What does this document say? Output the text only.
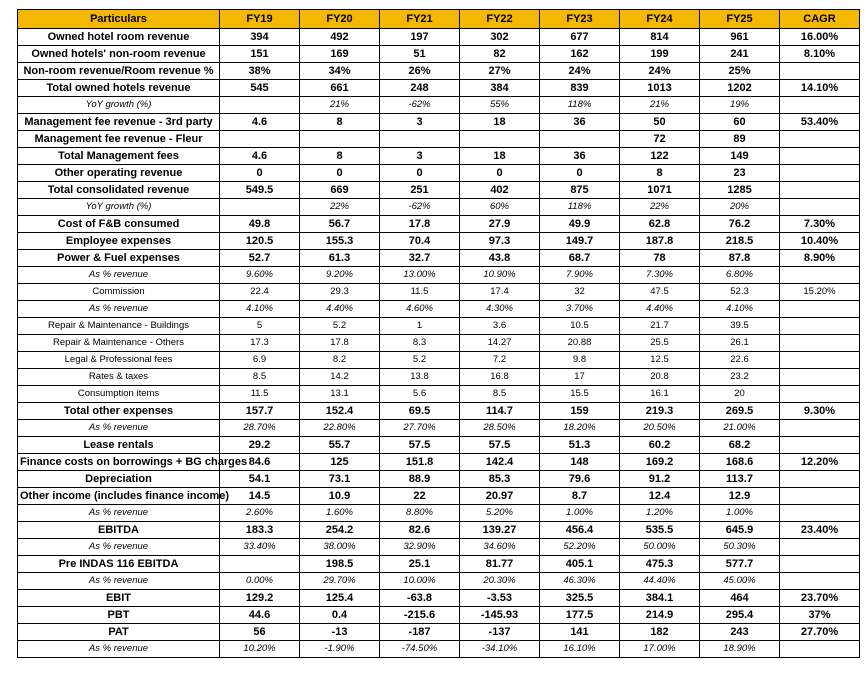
Particulars	FY19	FY20	FY21	FY22	FY23	FY24	FY25	CAGR
Owned hotel room revenue	394	492	197	302	677	814	961	16.00%
Owned hotels' non-room revenue	151	169	51	82	162	199	241	8.10%
Non-room revenue/Room revenue %	38%	34%	26%	27%	24%	24%	25%	
Total owned hotels revenue	545	661	248	384	839	1013	1202	14.10%
YoY growth (%)		21%	-62%	55%	118%	21%	19%	
Management fee revenue - 3rd party	4.6	8	3	18	36	50	60	53.40%
Management fee revenue - Fleur						72	89	
Total Management fees	4.6	8	3	18	36	122	149	
Other operating revenue	0	0	0	0	0	8	23	
Total consolidated revenue	549.5	669	251	402	875	1071	1285	
YoY growth (%)		22%	-62%	60%	118%	22%	20%	
Cost of F&B consumed	49.8	56.7	17.8	27.9	49.9	62.8	76.2	7.30%
Employee expenses	120.5	155.3	70.4	97.3	149.7	187.8	218.5	10.40%
Power & Fuel expenses	52.7	61.3	32.7	43.8	68.7	78	87.8	8.90%
As % revenue	9.60%	9.20%	13.00%	10.90%	7.90%	7.30%	6.80%	
Commission	22.4	29.3	11.5	17.4	32	47.5	52.3	15.20%
As % revenue	4.10%	4.40%	4.60%	4.30%	3.70%	4.40%	4.10%	
Repair & Maintenance - Buildings	5	5.2	1	3.6	10.5	21.7	39.5	
Repair & Maintenance - Others	17.3	17.8	8.3	14.27	20.88	25.5	26.1	
Legal & Professional fees	6.9	8.2	5.2	7.2	9.8	12.5	22.6	
Rates & taxes	8.5	14.2	13.8	16.8	17	20.8	23.2	
Consumption items	11.5	13.1	5.6	8.5	15.5	16.1	20	
Total other expenses	157.7	152.4	69.5	114.7	159	219.3	269.5	9.30%
As % revenue	28.70%	22.80%	27.70%	28.50%	18.20%	20.50%	21.00%	
Lease rentals	29.2	55.7	57.5	57.5	51.3	60.2	68.2	
Finance costs on borrowings + BG charges	84.6	125	151.8	142.4	148	169.2	168.6	12.20%
Depreciation	54.1	73.1	88.9	85.3	79.6	91.2	113.7	
Other income (includes finance income)	14.5	10.9	22	20.97	8.7	12.4	12.9	
As % revenue	2.60%	1.60%	8.80%	5.20%	1.00%	1.20%	1.00%	
EBITDA	183.3	254.2	82.6	139.27	456.4	535.5	645.9	23.40%
As % revenue	33.40%	38.00%	32.90%	34.60%	52.20%	50.00%	50.30%	
Pre INDAS 116 EBITDA		198.5	25.1	81.77	405.1	475.3	577.7	
As % revenue	0.00%	29.70%	10.00%	20.30%	46.30%	44.40%	45.00%	
EBIT	129.2	125.4	-63.8	-3.53	325.5	384.1	464	23.70%
PBT	44.6	0.4	-215.6	-145.93	177.5	214.9	295.4	37%
PAT	56	-13	-187	-137	141	182	243	27.70%
As % revenue	10.20%	-1.90%	-74.50%	-34.10%	16.10%	17.00%	18.90%	
